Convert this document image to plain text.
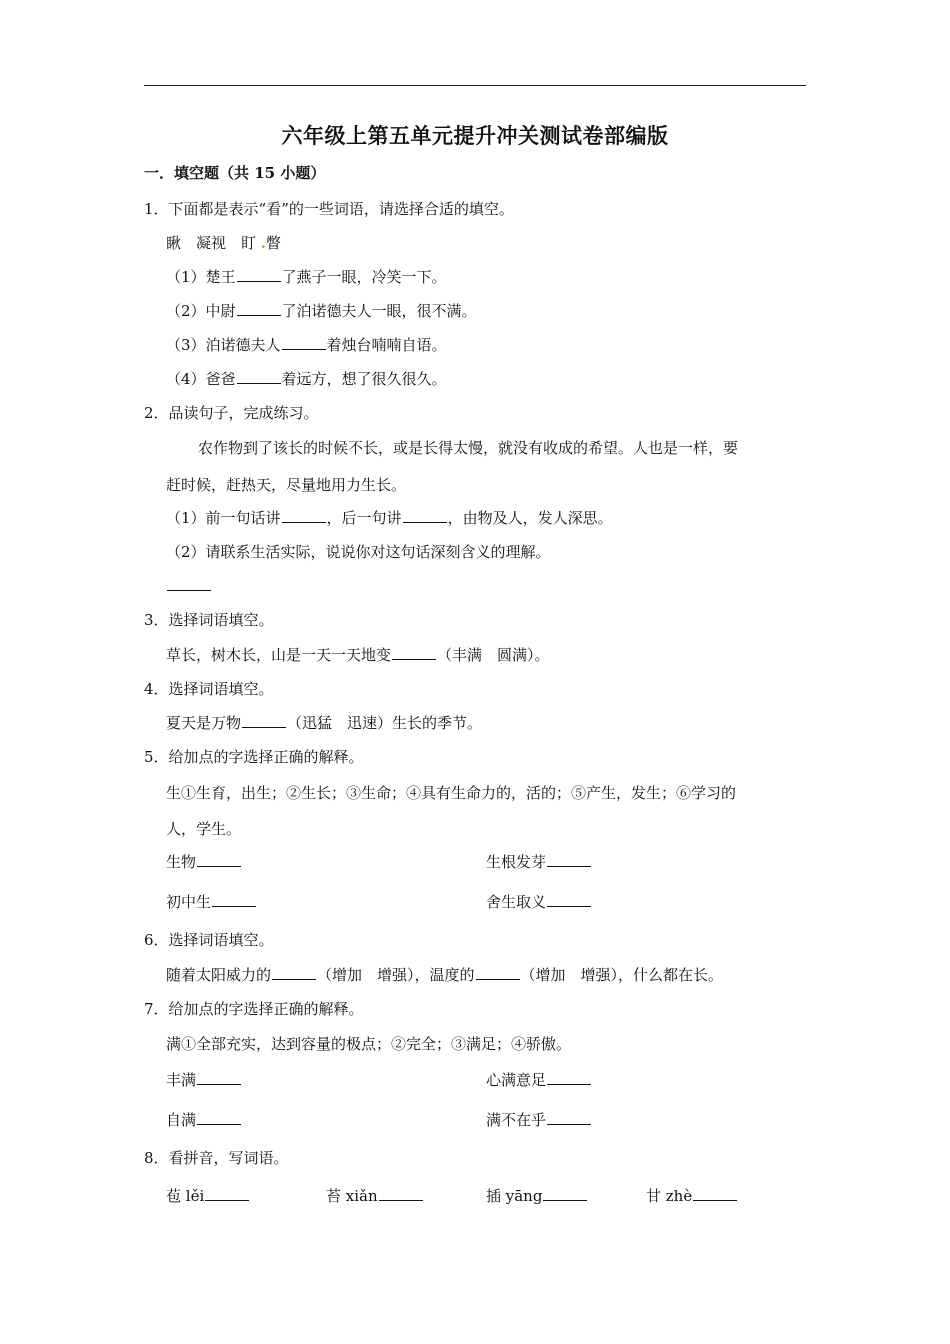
六年级上第五单元提升冲关测试卷部编版
一．填空题（共 15 小题）
1．下面都是表示“看”的一些词语，请选择合适的填空。
瞅　凝视　盯 .瞥
（1）楚王	了燕子一眼，冷笑一下。
（2）中尉	了泊诺德夫人一眼，很不满。
（3）泊诺德夫人	着烛台喃喃自语。
（4）爸爸	着远方，想了很久很久。
2．品读句子，完成练习。
农作物到了该长的时候不长，或是长得太慢，就没有收成的希望。人也是一样，要
赶时候，赶热天，尽量地用力生长。
（1）前一句话讲	，后一句讲	，由物及人，发人深思。
（2）请联系生活实际，说说你对这句话深刻含义的理解。
3．选择词语填空。
草长，树木长，山是一天一天地变	（丰满　圆满）。
4．选择词语填空。
夏天是万物	（迅猛　迅速）生长的季节。
5．给加点的字选择正确的解释。
生①生育，出生；②生长；③生命；④具有生命力的，活的；⑤产生，发生；⑥学习的
人，学生。
生物	生根发芽
初中生	舍生取义
6．选择词语填空。
随着太阳威力的	（增加　增强），温度的	（增加　增强），什么都在长。
7．给加点的字选择正确的解释。
满①全部充实，达到容量的极点；②完全；③满足；④骄傲。
丰满	心满意足
自满	满不在乎
8．看拼音，写词语。
苞 lěi	苔 xiǎn	插 yāng	甘 zhè
